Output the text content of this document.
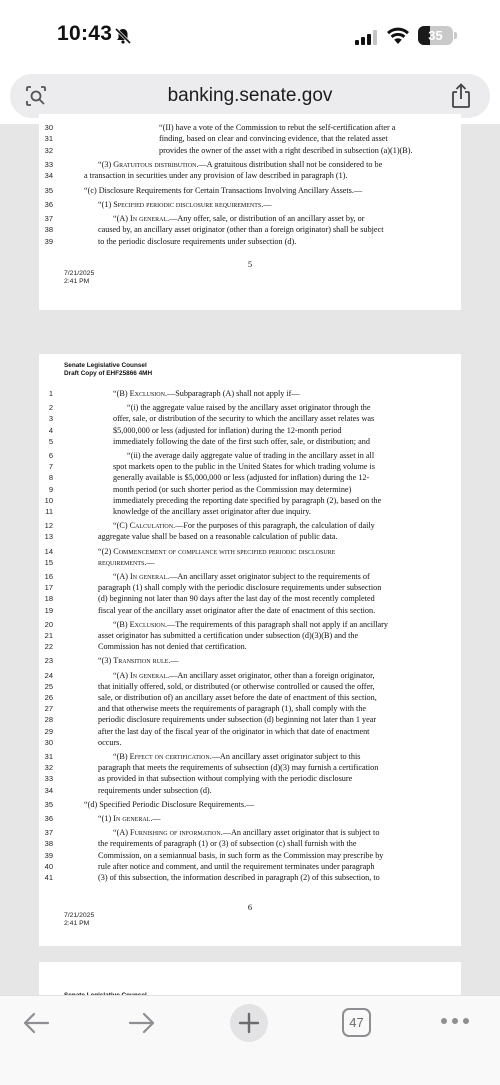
10:43	35
banking.senate.gov
30	“(II) have a vote of the Commission to rebut the self-certification after a
31	finding, based on clear and convincing evidence, that the related asset
32	provides the owner of the asset with a right described in subsection (a)(1)(B).
33	“(3) Gratuitous distribution.—A gratuitous distribution shall not be considered to be
34	a transaction in securities under any provision of law described in paragraph (1).
35	“(c) Disclosure Requirements for Certain Transactions Involving Ancillary Assets.—
36	“(1) Specified periodic disclosure requirements.—
37	“(A) In general.—Any offer, sale, or distribution of an ancillary asset by, or
38	caused by, an ancillary asset originator (other than a foreign originator) shall be subject
39	to the periodic disclosure requirements under subsection (d).
5
7/21/2025
2:41 PM
Senate Legislative Counsel
Draft Copy of EHF25866 4MH
1	“(B) Exclusion.—Subparagraph (A) shall not apply if—
2	“(i) the aggregate value raised by the ancillary asset originator through the
3	offer, sale, or distribution of the security to which the ancillary asset relates was
4	$5,000,000 or less (adjusted for inflation) during the 12-month period
5	immediately following the date of the first such offer, sale, or distribution; and
6	“(ii) the average daily aggregate value of trading in the ancillary asset in all
7	spot markets open to the public in the United States for which trading volume is
8	generally available is $5,000,000 or less (adjusted for inflation) during the 12-
9	month period (or such shorter period as the Commission may determine)
10	immediately preceding the reporting date specified by paragraph (2), based on the
11	knowledge of the ancillary asset originator after due inquiry.
12	“(C) Calculation.—For the purposes of this paragraph, the calculation of daily
13	aggregate value shall be based on a reasonable calculation of public data.
14	“(2) Commencement of compliance with specified periodic disclosure
15	requirements.—
16	“(A) In general.—An ancillary asset originator subject to the requirements of
17	paragraph (1) shall comply with the periodic disclosure requirements under subsection
18	(d) beginning not later than 90 days after the last day of the most recently completed
19	fiscal year of the ancillary asset originator after the date of enactment of this section.
20	“(B) Exclusion.—The requirements of this paragraph shall not apply if an ancillary
21	asset originator has submitted a certification under subsection (d)(3)(B) and the
22	Commission has not denied that certification.
23	“(3) Transition rule.—
24	“(A) In general.—An ancillary asset originator, other than a foreign originator,
25	that initially offered, sold, or distributed (or otherwise controlled or caused the offer,
26	sale, or distribution of) an ancillary asset before the date of enactment of this section,
27	and that otherwise meets the requirements of paragraph (1), shall comply with the
28	periodic disclosure requirements under subsection (d) beginning not later than 1 year
29	after the last day of the fiscal year of the originator in which that date of enactment
30	occurs.
31	“(B) Effect on certification.—An ancillary asset originator subject to this
32	paragraph that meets the requirements of subsection (d)(3) may furnish a certification
33	as provided in that subsection without complying with the periodic disclosure
34	requirements under subsection (d).
35	“(d) Specified Periodic Disclosure Requirements.—
36	“(1) In general.—
37	“(A) Furnishing of information.—An ancillary asset originator that is subject to
38	the requirements of paragraph (1) or (3) of subsection (c) shall furnish with the
39	Commission, on a semiannual basis, in such form as the Commission may prescribe by
40	rule after notice and comment, and until the requirement terminates under paragraph
41	(3) of this subsection, the information described in paragraph (2) of this subsection, to
6
7/21/2025
2:41 PM
47
